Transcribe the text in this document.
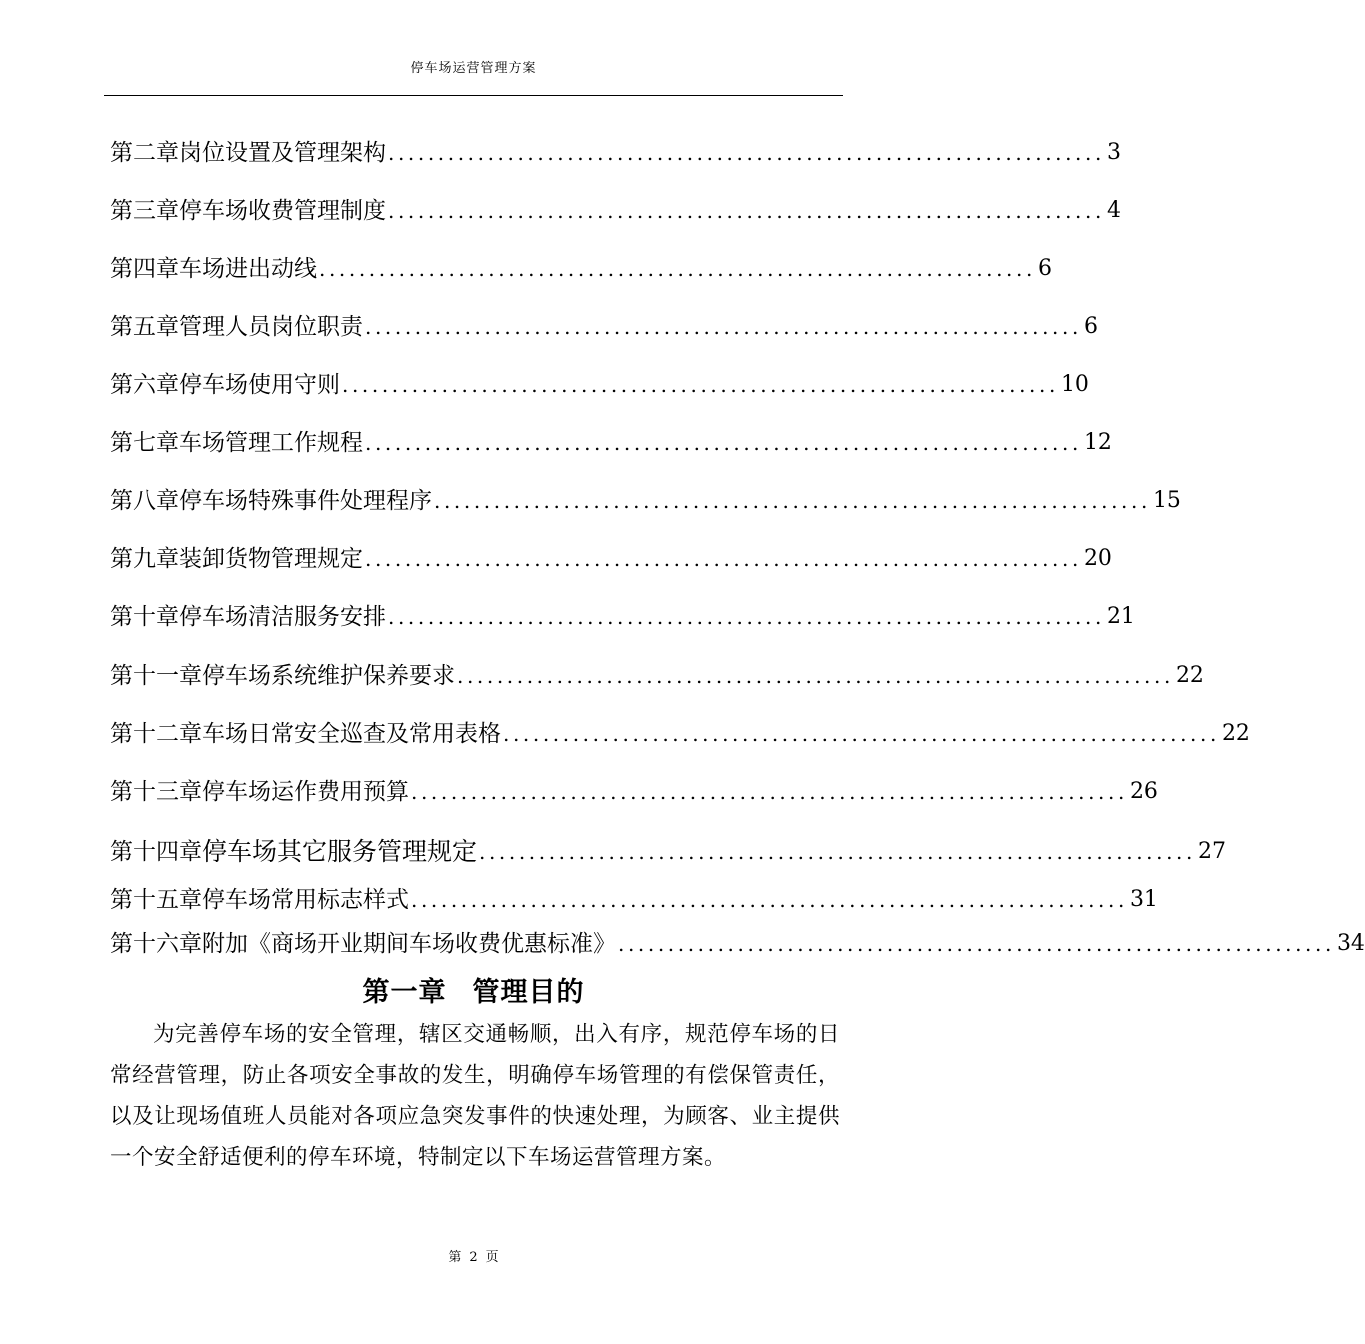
停车场运营管理方案
第二章 岗位设置及管理架构 ........................................................................ 3
第三章 停车场收费管理制度 ........................................................................ 4
第四章 车场进出动线 ........................................................................ 6
第五章 管理人员岗位职责 ........................................................................ 6
第六章 停车场使用守则 ........................................................................ 10
第七章 车场管理工作规程 ........................................................................ 12
第八章 停车场特殊事件处理程序 ........................................................................ 15
第九章 装卸货物管理规定 ........................................................................ 20
第十章 停车场清洁服务安排 ........................................................................ 21
第十一章 停车场系统维护保养要求 ........................................................................ 22
第十二章 车场日常安全巡查及常用表格 ........................................................................ 22
第十三章 停车场运作费用预算 ........................................................................ 26
第十四章 停车场其它服务管理规定 ........................................................................ 27
第十五章 停车场常用标志样式 ........................................................................ 31
第十六章 附加《商场开业期间车场收费优惠标准》 ........................................................................ 34
第一章 管理目的
为完善停车场的安全管理，辖区交通畅顺，出入有序，规范停车场的日常经营管理，防止各项安全事故的发生，明确停车场管理的有偿保管责任，以及让现场值班人员能对各项应急突发事件的快速处理，为顾客、业主提供一个安全舒适便利的停车环境，特制定以下车场运营管理方案。
第 2 页
